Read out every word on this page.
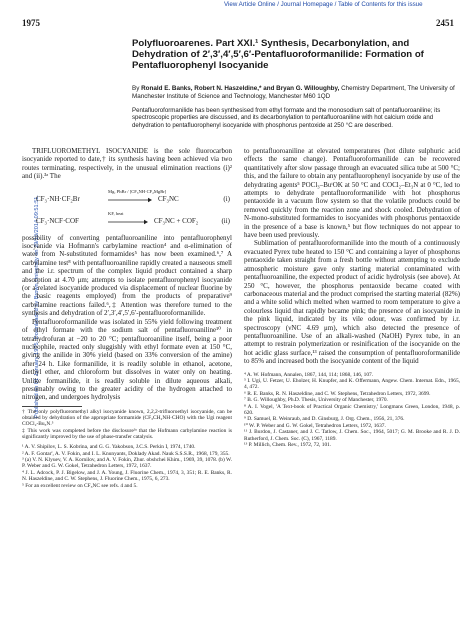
View Article Online / Journal Homepage / Table of Contents for this issue
Published on 01 January 1975. Downloaded by Brown University on 29/10/2014 09:51:51.
1975	2451
Polyfluoroarenes. Part XXI.¹ Synthesis, Decarbonylation, and Dehydration of 2′,3′,4′,5′,6′-Pentafluoroformanilide: Formation of Pentafluorophenyl Isocyanide
By Ronald E. Banks, Robert N. Haszeldine,* and Bryan G. Willoughby, Chemistry Department, The University of Manchester Institute of Science and Technology, Manchester M60 1QD
Pentafluoroformanilide has been synthesised from ethyl formate and the monosodium salt of pentafluoroaniline; its spectroscopic properties are discussed, and its decarbonylation to pentafluoroaniline with hot calcium oxide and dehydration to pentafluorophenyl isocyanide with phosphorus pentoxide at 250 °C are described.

TRIFLUOROMETHYL ISOCYANIDE is the sole fluorocarbon isocyanide reported to date,† its synthesis having been achieved via two routes terminating, respectively, in the unusual elimination reactions (i)² and (ii).³ᵃ The

CF₃·NH·CF₂Br
Mg, PhBr / [CF₃NH·CF₂MgBr]
CF₃NC	(i)
CF₃·NCF·COF
KF, heat
CF₃NC + COF₂	(ii)

possibility of converting pentafluoroaniline into pentafluorophenyl isocyanide via Hofmann's carbylamine reaction⁴ and α-elimination of water from N-substituted formamides⁵ has now been examined.⁶,⁷ A carbylamine test⁸ with pentafluoroaniline rapidly created a nauseous smell and the i.r. spectrum of the complex liquid product contained a sharp absorption at 4.70 μm; attempts to isolate pentafluorophenyl isocyanide (or a related isocyanide produced via displacement of nuclear fluorine by the basic reagents employed) from the products of preparative⁹ carbylamine reactions failed.⁶,‡ Attention was therefore turned to the synthesis and dehydration of 2′,3′,4′,5′,6′-pentafluoroformanilide.

Pentafluoroformanilide was isolated in 55% yield following treatment of ethyl formate with the sodium salt of pentafluoroaniline¹⁰ in tetrahydrofuran at −20 to 20 °C; pentafluoroaniline itself, being a poor nucleophile, reacted only sluggishly with ethyl formate even at 150 °C, giving the anilide in 30% yield (based on 33% conversion of the amine) after 24 h. Like formanilide, it is readily soluble in ethanol, acetone, diethyl ether, and chloroform but dissolves in water only on heating. Unlike formanilide, it is readily soluble in dilute aqueous alkali, presumably owing to the greater acidity of the hydrogen attached to nitrogen, and undergoes hydrolysis

† The only polyfluoromethyl alkyl isocyanide known, 2,2,2-trifluoroethyl isocyanide, can be obtained by dehydration of the appropriate formamide (CF₃CH₂NH·CHO) with the Ugi reagent COCl₂-Bu₃N.⁵

‡ This work was completed before the disclosure³ᵃ that the Hofmann carbylamine reaction is significantly improved by the use of phase-transfer catalysis.

¹ A. V. Shipilov, L. S. Kobrina, and G. G. Yakobson, J.C.S. Perkin I, 1974, 1740.

² A. F. Gontar', A. V. Fokin, and I. L. Knunyants, Doklady Akad. Nauk S.S.S.R., 1968, 179, 355.

³ (a) V. N. Klyuev, V. A. Kornilov, and A. V. Fokin, Zhur. obshchei Khim., 1969, 39, 1078. (b) W. P. Weber and G. W. Gokel, Tetrahedron Letters, 1972, 1637.

⁴ J. L. Adcock, P. J. Bigelow, and J. A. Young, J. Fluorine Chem., 1974, 3, 351; R. E. Banks, R. N. Haszeldine, and C. W. Stephens, J. Fluorine Chem., 1975, 6, 273.

⁵ For an excellent review on CF₃NC see refs. 4 and 5.

to pentafluoroaniline at elevated temperatures (hot dilute sulphuric acid effects the same change). Pentafluoroformanilide can be recovered quantitatively after slow passage through an evacuated silica tube at 500 °C; this, and the failure to obtain any pentafluorophenyl isocyanide by use of the dehydrating agents⁵ POCl₃–BuᵗOK at 50 °C and COCl₂–Et₃N at 0 °C, led to attempts to dehydrate pentafluoroformanilide with hot phosphorus pentaoxide in a vacuum flow system so that the volatile products could be removed quickly from the reaction zone and shock cooled. Dehydration of N-mono-substituted formamides to isocyanides with phosphorus pentaoxide in the presence of a base is known,⁵ but flow techniques do not appear to have been used previously.

Sublimation of pentafluoroformanilide into the mouth of a continuously evacuated Pyrex tube heated to 150 °C and containing a layer of phosphorus pentaoxide taken straight from a fresh bottle without attempting to exclude atmospheric moisture gave only starting material contaminated with pentafluoroaniline, the expected product of acidic hydrolysis (see above). At 250 °C, however, the phosphorus pentaoxide became coated with carbonaceous material and the product comprised the starting material (82%) and a white solid which melted when warmed to room temperature to give a colourless liquid that rapidly became pink; the presence of an isocyanide in the pink liquid, indicated by its vile odour, was confirmed by i.r. spectroscopy (νNC 4.69 μm), which also detected the presence of pentafluoroaniline. Use of an alkali-washed (NaOH) Pyrex tube, in an attempt to restrain polymerization or resinification of the isocyanide on the hot acidic glass surface,¹³ raised the consumption of pentafluoroformanilide to 85% and increased both the isocyanide content of the liquid

⁴ A. W. Hofmann, Annalen, 1867, 144, 114; 1868, 146, 107.

⁵ I. Ugi, U. Fetzer, U. Eholzer, H. Knupfer, and K. Offermann, Angew. Chem. Internat. Edn., 1965, 4, 472.

⁶ R. E. Banks, R. N. Haszeldine, and C. W. Stephens, Tetrahedron Letters, 1972, 3699.

⁷ B. G. Willoughby, Ph.D. Thesis, University of Manchester, 1970.

⁸ A. I. Vogel, 'A Text-book of Practical Organic Chemistry,' Longmans Green, London, 1948, p. 620.

⁹ D. Samuel, B. Weinraub, and D. Ginsburg, J. Org. Chem., 1956, 21, 376.

¹⁰ W. P. Weber and G. W. Gokel, Tetrahedron Letters, 1972, 1637.

¹¹ J. Burdon, J. Castaner, and J. C. Tatlow, J. Chem. Soc., 1964, 5017; G. M. Brooke and R. J. D. Rutherford, J. Chem. Soc. (C), 1967, 1189.

¹³ P. Millich, Chem. Rev., 1972, 72, 101.
